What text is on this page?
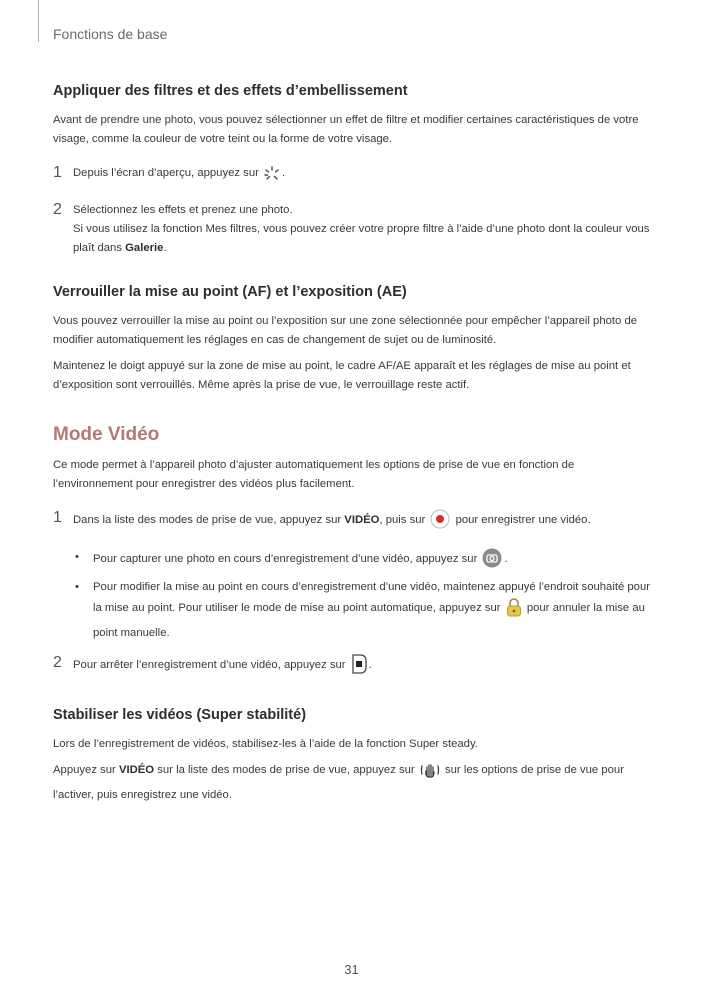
Fonctions de base
Appliquer des filtres et des effets d’embellissement

Avant de prendre une photo, vous pouvez sélectionner un effet de filtre et modifier certaines caractéristiques de votre visage, comme la couleur de votre teint ou la forme de votre visage.

1 Depuis l’écran d’aperçu, appuyez sur .
2 Sélectionnez les effets et prenez une photo.
Si vous utilisez la fonction Mes filtres, vous pouvez créer votre propre filtre à l’aide d’une photo dont la couleur vous plaît dans Galerie.
Verrouiller la mise au point (AF) et l’exposition (AE)

Vous pouvez verrouiller la mise au point ou l’exposition sur une zone sélectionnée pour empêcher l’appareil photo de modifier automatiquement les réglages en cas de changement de sujet ou de luminosité.

Maintenez le doigt appuyé sur la zone de mise au point, le cadre AF/AE apparaît et les réglages de mise au point et d’exposition sont verrouillés. Même après la prise de vue, le verrouillage reste actif.

Mode Vidéo

Ce mode permet à l’appareil photo d’ajuster automatiquement les options de prise de vue en fonction de l’environnement pour enregistrer des vidéos plus facilement.

1 Dans la liste des modes de prise de vue, appuyez sur VIDÉO, puis sur	pour enregistrer une vidéo.
• Pour capturer une photo en cours d’enregistrement d’une vidéo, appuyez sur .
• Pour modifier la mise au point en cours d’enregistrement d’une vidéo, maintenez appuyé l’endroit souhaité pour la mise au point. Pour utiliser le mode de mise au point automatique, appuyez sur pour annuler la mise au point manuelle.
2 Pour arrêter l’enregistrement d’une vidéo, appuyez sur .
Stabiliser les vidéos (Super stabilité)

Lors de l’enregistrement de vidéos, stabilisez-les à l’aide de la fonction Super steady.

Appuyez sur VIDÉO sur la liste des modes de prise de vue, appuyez sur	sur les options de prise de vue pour l’activer, puis enregistrez une vidéo.

31
